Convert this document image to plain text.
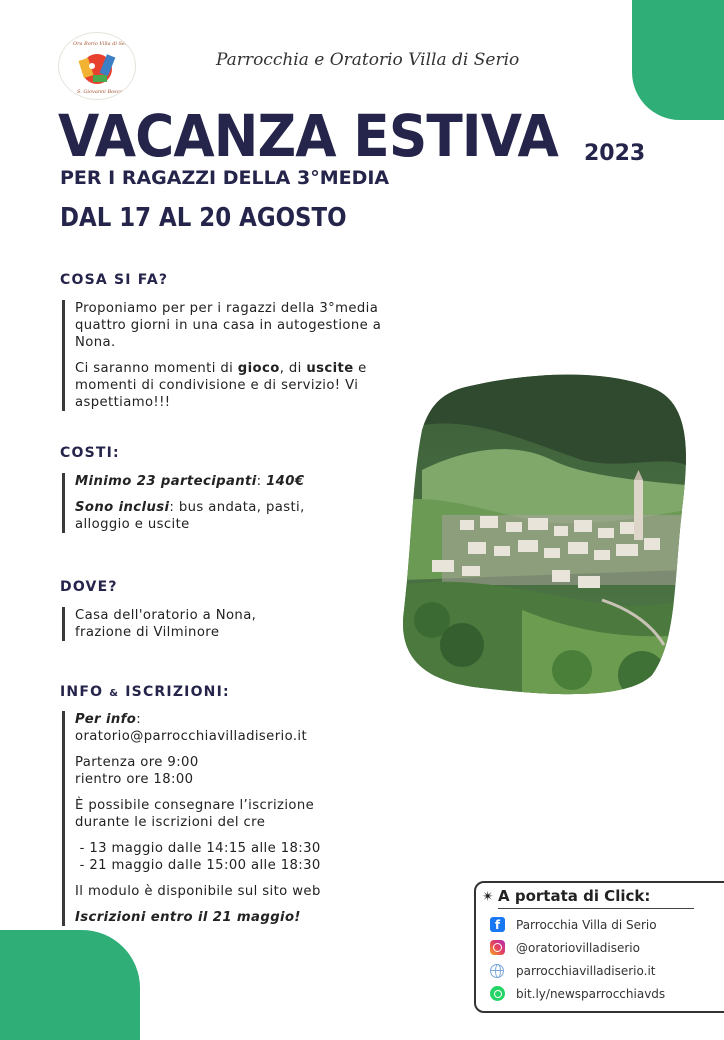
Ora Borio Villa di Serio
S. Giovanni Bosco
Parrocchia e Oratorio Villa di Serio
VACANZA ESTIVA 2023
PER I RAGAZZI DELLA 3°MEDIA
DAL 17 AL 20 AGOSTO
COSA SI FA?

Proponiamo per per i ragazzi della 3°media quattro giorni in una casa in autogestione a Nona.

Ci saranno momenti di gioco, di uscite e momenti di condivisione e di servizio! Vi aspettiamo!!!

COSTI:

Minimo 23 partecipanti: 140€

Sono inclusi: bus andata, pasti, alloggio e uscite

DOVE?

Casa dell'oratorio a Nona,

frazione di Vilminore

INFO & ISCRIZIONI:

Per info:
oratorio@parrocchiavilladiserio.it

Partenza ore 9:00
rientro ore 18:00

È possibile consegnare l’iscrizione
durante le iscrizioni del cre

- 13 maggio dalle 14:15 alle 18:30
- 21 maggio dalle 15:00 alle 18:30

Il modulo è disponibile sul sito web

Iscrizioni entro il 21 maggio!

✴ A portata di Click:
f	Parrocchia Villa di Serio
@oratoriovilladiserio
parrocchiavilladiserio.it
bit.ly/newsparrocchiavds
